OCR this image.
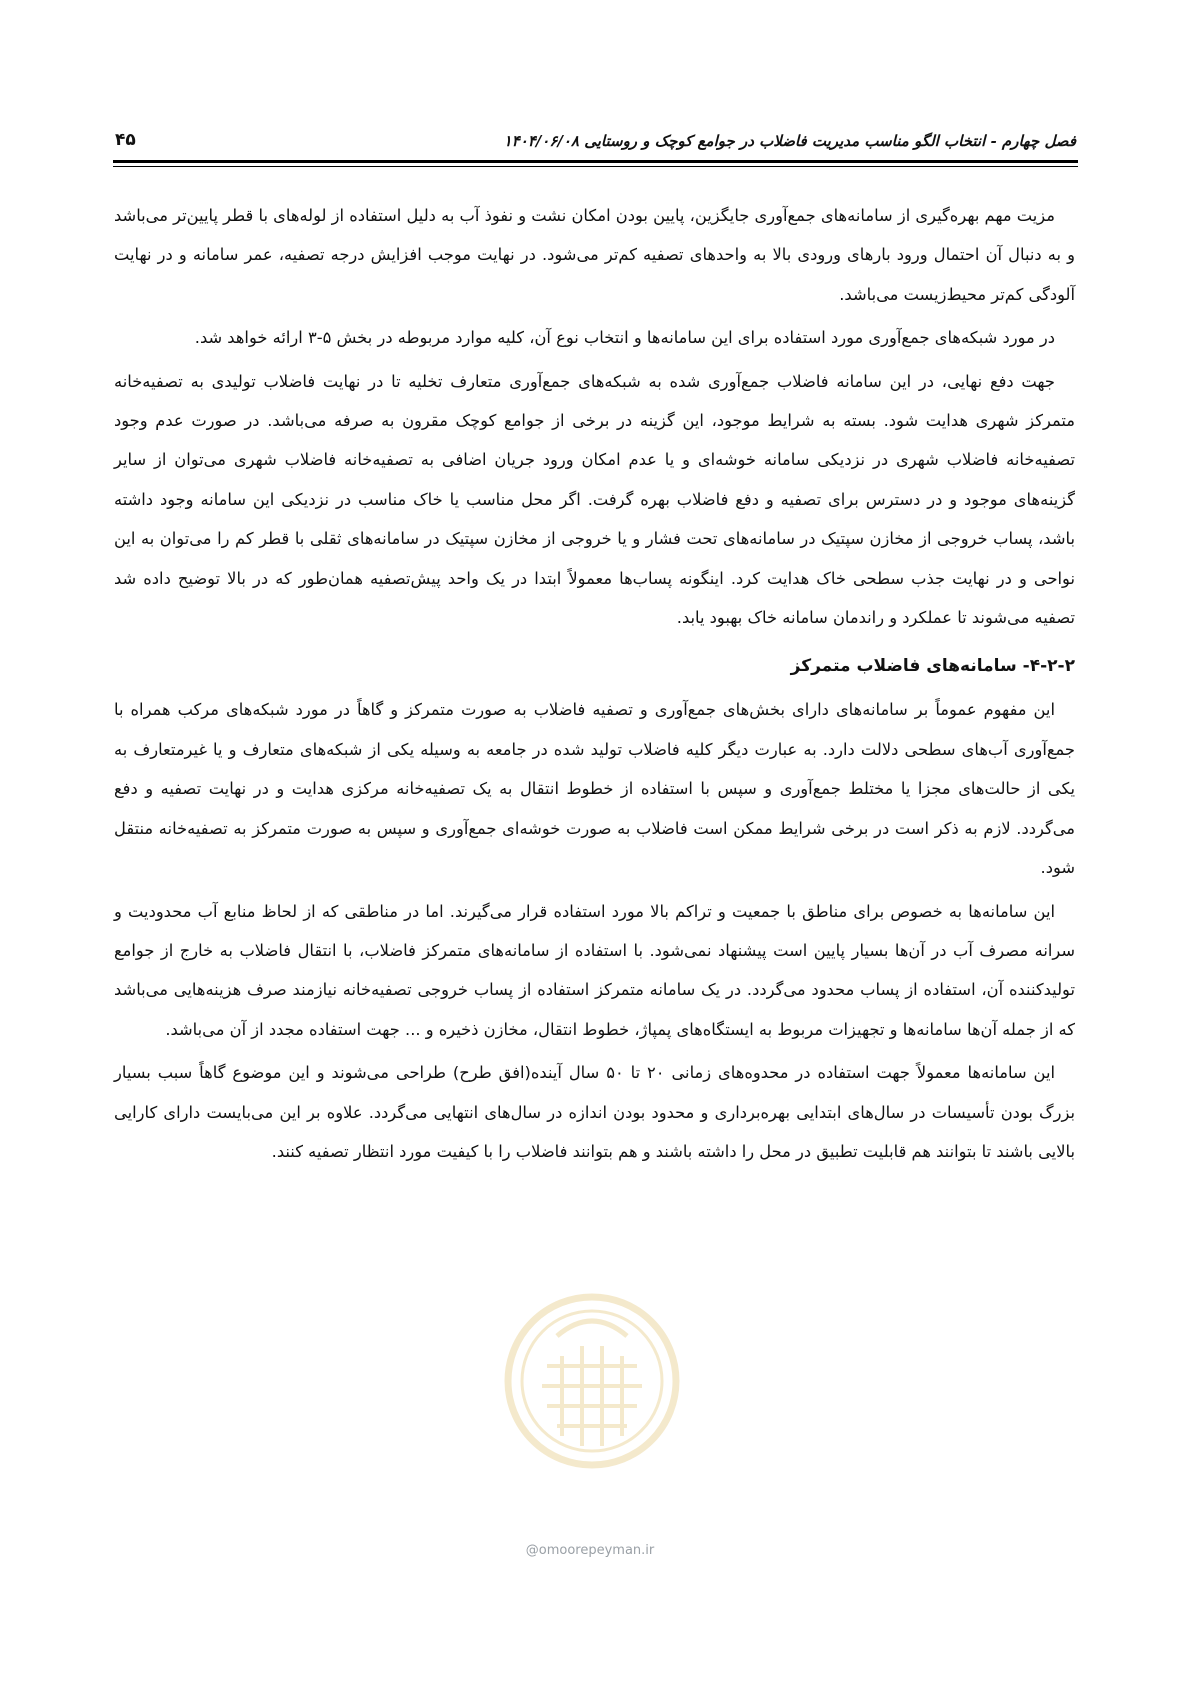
فصل چهارم - انتخاب الگو مناسب مدیریت فاضلاب در جوامع کوچک و روستایی ۱۴۰۴/۰۶/۰۸
۴۵

مزیت مهم بهره‌گیری از سامانه‌های جمع‌آوری جایگزین، پایین بودن امکان نشت و نفوذ آب به دلیل استفاده از لوله‌های با قطر پایین‌تر می‌باشد و به دنبال آن احتمال ورود بارهای ورودی بالا به واحدهای تصفیه کم‌تر می‌شود. در نهایت موجب افزایش درجه تصفیه، عمر سامانه و در نهایت آلودگی کم‌تر محیط‌زیست می‌باشد.

در مورد شبکه‌های جمع‌آوری مورد استفاده برای این سامانه‌ها و انتخاب نوع آن، کلیه موارد مربوطه در بخش ۵-۳ ارائه خواهد شد.

جهت دفع نهایی، در این سامانه فاضلاب جمع‌آوری شده به شبکه‌های جمع‌آوری متعارف تخلیه تا در نهایت فاضلاب تولیدی به تصفیه‌خانه متمرکز شهری هدایت شود. بسته به شرایط موجود، این گزینه در برخی از جوامع کوچک مقرون به صرفه می‌باشد. در صورت عدم وجود تصفیه‌خانه فاضلاب شهری در نزدیکی سامانه خوشه‌ای و یا عدم امکان ورود جریان اضافی به تصفیه‌خانه فاضلاب شهری می‌توان از سایر گزینه‌های موجود و در دسترس برای تصفیه و دفع فاضلاب بهره گرفت. اگر محل مناسب یا خاک مناسب در نزدیکی این سامانه وجود داشته باشد، پساب خروجی از مخازن سپتیک در سامانه‌های تحت فشار و یا خروجی از مخازن سپتیک در سامانه‌های ثقلی با قطر کم را می‌توان به این نواحی و در نهایت جذب سطحی خاک هدایت کرد. اینگونه پساب‌ها معمولاً ابتدا در یک واحد پیش‌تصفیه همان‌طور که در بالا توضیح داده شد تصفیه می‌شوند تا عملکرد و راندمان سامانه خاک بهبود یابد.

۴-۲-۲- سامانه‌های فاضلاب متمرکز

این مفهوم عموماً بر سامانه‌های دارای بخش‌های جمع‌آوری و تصفیه فاضلاب به صورت متمرکز و گاهاً در مورد شبکه‌های مرکب همراه با جمع‌آوری آب‌های سطحی دلالت دارد. به عبارت دیگر کلیه فاضلاب تولید شده در جامعه به وسیله یکی از شبکه‌های متعارف و یا غیرمتعارف به یکی از حالت‌های مجزا یا مختلط جمع‌آوری و سپس با استفاده از خطوط انتقال به یک تصفیه‌خانه مرکزی هدایت و در نهایت تصفیه و دفع می‌گردد. لازم به ذکر است در برخی شرایط ممکن است فاضلاب به صورت خوشه‌ای جمع‌آوری و سپس به صورت متمرکز به تصفیه‌خانه منتقل شود.

این سامانه‌ها به خصوص برای مناطق با جمعیت و تراکم بالا مورد استفاده قرار می‌گیرند. اما در مناطقی که از لحاظ منابع آب محدودیت و سرانه مصرف آب در آن‌ها بسیار پایین است پیشنهاد نمی‌شود. با استفاده از سامانه‌های متمرکز فاضلاب، با انتقال فاضلاب به خارج از جوامع تولیدکننده آن، استفاده از پساب محدود می‌گردد. در یک سامانه متمرکز استفاده از پساب خروجی تصفیه‌خانه نیازمند صرف هزینه‌هایی می‌باشد که از جمله آن‌ها سامانه‌ها و تجهیزات مربوط به ایستگاه‌های پمپاژ، خطوط انتقال، مخازن ذخیره و ... جهت استفاده مجدد از آن می‌باشد.

این سامانه‌ها معمولاً جهت استفاده در محدوه‌های زمانی ۲۰ تا ۵۰ سال آینده(افق طرح) طراحی می‌شوند و این موضوع گاهاً سبب بسیار بزرگ بودن تأسیسات در سال‌های ابتدایی بهره‌برداری و محدود بودن اندازه در سال‌های انتهایی می‌گردد. علاوه بر این می‌بایست دارای کارایی بالایی باشند تا بتوانند هم قابلیت تطبیق در محل را داشته باشند و هم بتوانند فاضلاب را با کیفیت مورد انتظار تصفیه کنند.

@omoorepeyman.ir
